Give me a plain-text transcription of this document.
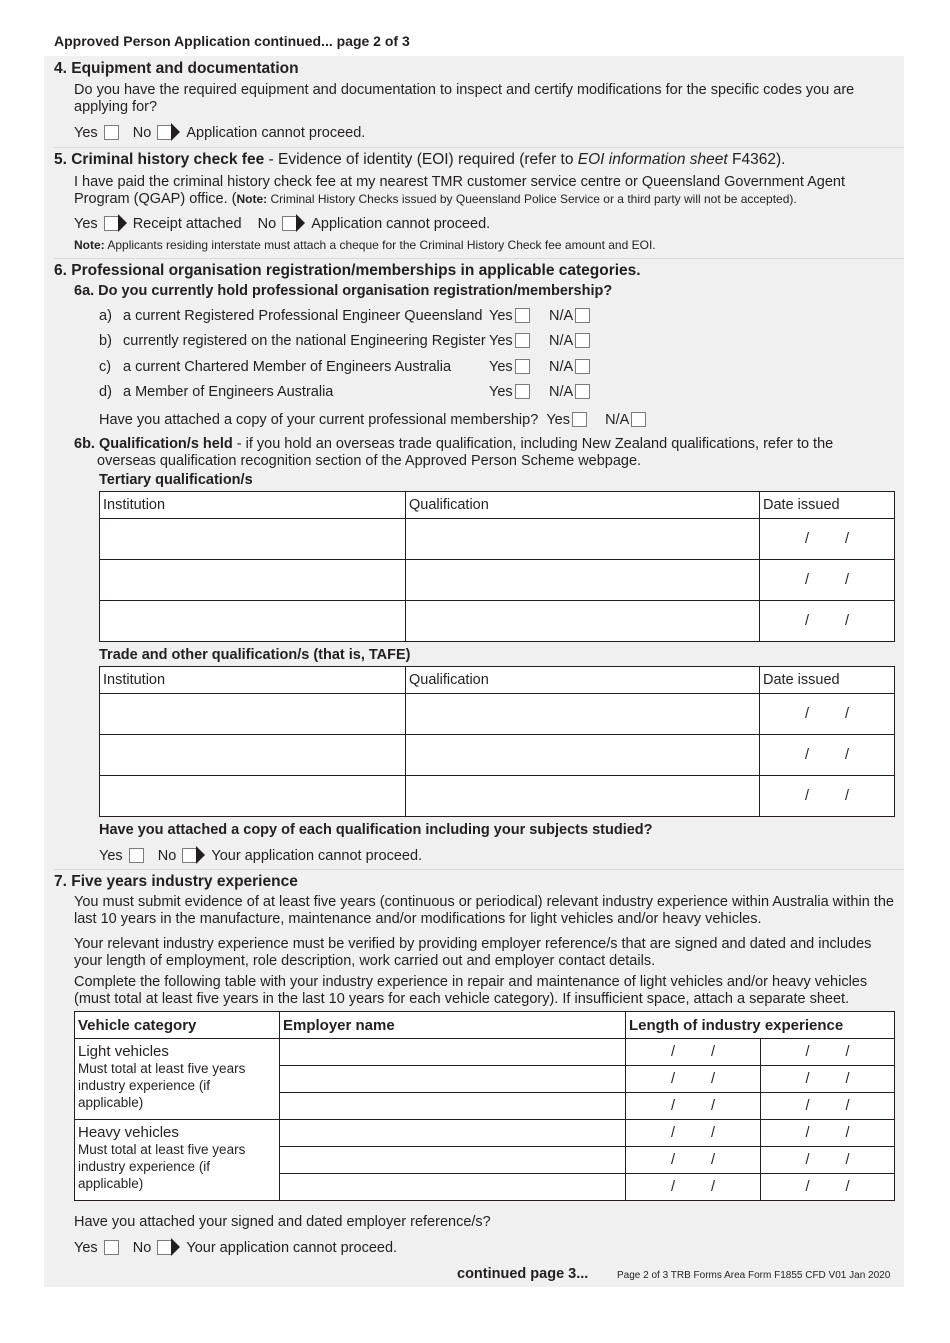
Approved Person Application continued... page 2 of 3
4. Equipment and documentation
Do you have the required equipment and documentation to inspect and certify modifications for the specific codes you are applying for?
Yes No Application cannot proceed.
5. Criminal history check fee - Evidence of identity (EOI) required (refer to EOI information sheet F4362).
I have paid the criminal history check fee at my nearest TMR customer service centre or Queensland Government Agent Program (QGAP) office. (Note: Criminal History Checks issued by Queensland Police Service or a third party will not be accepted).
Yes Receipt attached No Application cannot proceed.
Note: Applicants residing interstate must attach a cheque for the Criminal History Check fee amount and EOI.
6. Professional organisation registration/memberships in applicable categories.
6a. Do you currently hold professional organisation registration/membership?
a) a current Registered Professional Engineer Queensland Yes	N/A
b) currently registered on the national Engineering Register Yes	N/A
c) a current Chartered Member of Engineers Australia	Yes	N/A
d) a Member of Engineers Australia	Yes	N/A
Have you attached a copy of your current professional membership? Yes N/A
6b. Qualification/s held - if you hold an overseas trade qualification, including New Zealand qualifications, refer to the overseas qualification recognition section of the Approved Person Scheme webpage.
Tertiary qualification/s
Institution	Qualification	Date issued
		/ /
		/ /
		/ /
Trade and other qualification/s (that is, TAFE)
Institution	Qualification	Date issued
		/ /
		/ /
		/ /
Have you attached a copy of each qualification including your subjects studied?
Yes No Your application cannot proceed.
7. Five years industry experience
You must submit evidence of at least five years (continuous or periodical) relevant industry experience within Australia within the last 10 years in the manufacture, maintenance and/or modifications for light vehicles and/or heavy vehicles.
Your relevant industry experience must be verified by providing employer reference/s that are signed and dated and includes your length of employment, role description, work carried out and employer contact details.
Complete the following table with your industry experience in repair and maintenance of light vehicles and/or heavy vehicles (must total at least five years in the last 10 years for each vehicle category). If insufficient space, attach a separate sheet.
Vehicle category	Employer name	Length of industry experience	

Light vehicles
Must total at least five years industry experience (if applicable)		/ /	/ /
		/ /	/ /
		/ /	/ /

Heavy vehicles
Must total at least five years industry experience (if applicable)		/ /	/ /
		/ /	/ /
		/ /	/ /
Have you attached your signed and dated employer reference/s?
Yes No Your application cannot proceed.
continued page 3...	Page 2 of 3 TRB Forms Area Form F1855 CFD V01 Jan 2020
